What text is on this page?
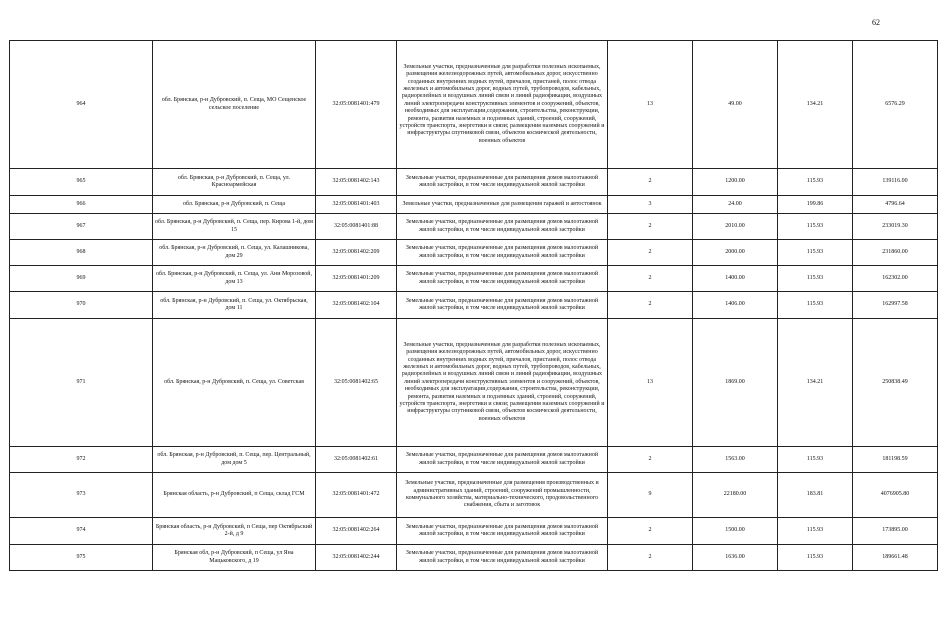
62
964	обл. Брянская, р-н Дубровский, п. Сеща, МО Сещенское сельское поселение	32:05:0081401:479	Земельные участки, предназначенные для разработки полезных ископаемых, размещения железнодорожных путей, автомобильных дорог, искусственно созданных внутренних водных путей, причалов, пристаней, полос отвода железных и автомобильных дорог, водных путей, трубопроводов, кабельных, радиорелейных и воздушных линий связи и линий радиофикации, воздушных линий электропередачи конструктивных элементов и сооружений, объектов, необходимых для эксплуатации,содержания, строительства, реконструкции, ремонта, развития наземных и подземных зданий, строений, сооружений, устройств транспорта, энергетики и связи; размещения наземных сооружений и инфраструктуры спутниковой связи, объектов космической деятельности, военных объектов	13	49.00	134.21	6576.29
965	обл. Брянская, р-н Дубровский, п. Сеща, ул. Красноармейская	32:05:0081402:143	Земельные участки, предназначенные для размещения домов малоэтажной жилой застройки, в том числе индивидуальной жилой застройки	2	1200.00	115.93	139116.00
966	обл. Брянская, р-н Дубровский, п. Сеща	32:05:0081401:403	Земельные участки, предназначенные для размещения гаражей и автостоянок	3	24.00	199.86	4796.64
967	обл. Брянская, р-н Дубровский, п. Сеща, пер. Кирова 1-й, дом 15	32:05:0081401:88	Земельные участки, предназначенные для размещения домов малоэтажной жилой застройки, в том числе индивидуальной жилой застройки	2	2010.00	115.93	233019.30
968	обл. Брянская, р-н Дубровский, п. Сеща, ул. Калашникова, дом 29	32:05:0081402:209	Земельные участки, предназначенные для размещения домов малоэтажной жилой застройки, в том числе индивидуальной жилой застройки	2	2000.00	115.93	231860.00
969	обл. Брянская, р-н Дубровский, п. Сеща, ул. Ани Морозовой, дом 13	32:05:0081401:209	Земельные участки, предназначенные для размещения домов малоэтажной жилой застройки, в том числе индивидуальной жилой застройки	2	1400.00	115.93	162302.00
970	обл. Брянская, р-н Дубровский, п. Сеща, ул. Октябрьская, дом 11	32:05:0081402:104	Земельные участки, предназначенные для размещения домов малоэтажной жилой застройки, в том числе индивидуальной жилой застройки	2	1406.00	115.93	162997.58
971	обл. Брянская, р-н Дубровский, п. Сеща, ул. Советская	32:05:0081402:65	Земельные участки, предназначенные для разработки полезных ископаемых, размещения железнодорожных путей, автомобильных дорог, искусственно созданных внутренних водных путей, причалов, пристаней, полос отвода железных и автомобильных дорог, водных путей, трубопроводов, кабельных, радиорелейных и воздушных линий связи и линий радиофикации, воздушных линий электропередачи конструктивных элементов и сооружений, объектов, необходимых для эксплуатации,содержания, строительства, реконструкции, ремонта, развития наземных и подземных зданий, строений, сооружений, устройств транспорта, энергетики и связи; размещения наземных сооружений и инфраструктуры спутниковой связи, объектов космической деятельности, военных объектов	13	1869.00	134.21	250838.49
972	обл. Брянская, р-н Дубровский, п. Сеща, пер. Центральный, дом дом 5	32:05:0081402:61	Земельные участки, предназначенные для размещения домов малоэтажной жилой застройки, в том числе индивидуальной жилой застройки	2	1563.00	115.93	181198.59
973	Брянская область, р-н Дубровский, п Сеща, склад ГСМ	32:05:0081401:472	Земельные участки, предназначенные для размещения производственных и административных зданий, строений, сооружений промышленности, коммунального хозяйства, материально-технического, продовольственного снабжения, сбыта и заготовок	9	22180.00	183.81	4076905.80
974	Брянская область, р-н Дубровский, п Сеща, пер Октябрьский 2-й, д 9	32:05:0081402:264	Земельные участки, предназначенные для размещения домов малоэтажной жилой застройки, в том числе индивидуальной жилой застройки	2	1500.00	115.93	173895.00
975	Брянская обл, р-н Дубровский, п Сеща, ул Яна Мацьковского, д 19	32:05:0081402:244	Земельные участки, предназначенные для размещения домов малоэтажной жилой застройки, в том числе индивидуальной жилой застройки	2	1636.00	115.93	189661.48
